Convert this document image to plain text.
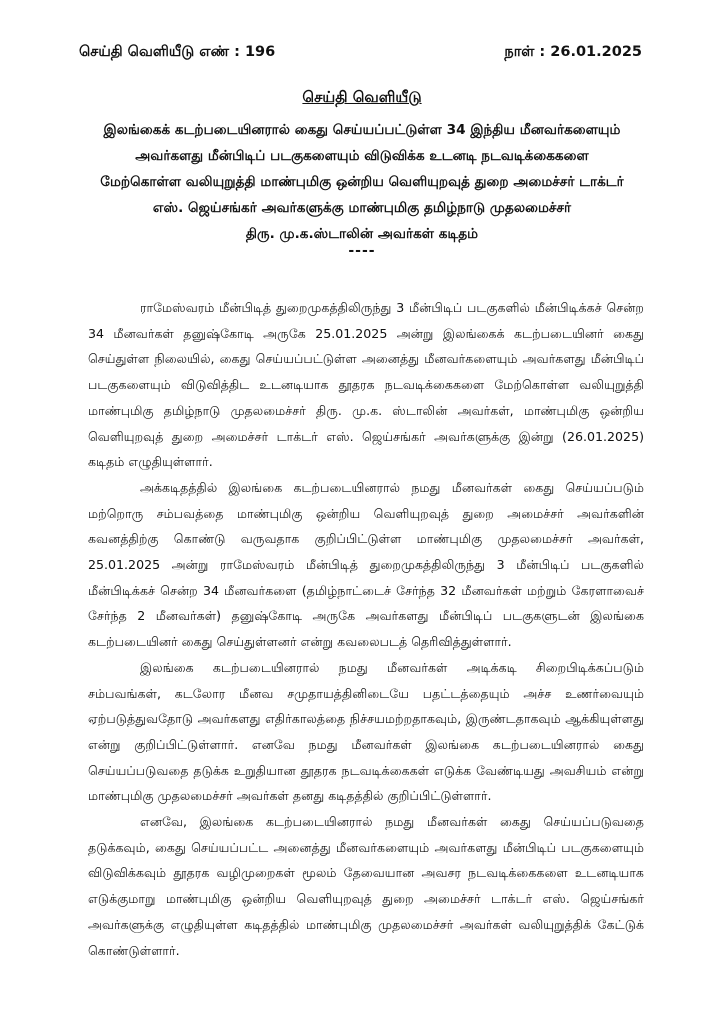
செய்தி வெளியீடு எண் : 196	நாள் : 26.01.2025
செய்தி வெளியீடு
இலங்கைக் கடற்படையினரால் கைது செய்யப்பட்டுள்ள 34 இந்திய மீனவர்களையும்
அவர்களது மீன்பிடிப் படகுகளையும் விடுவிக்க உடனடி நடவடிக்கைகளை
மேற்கொள்ள வலியுறுத்தி மாண்புமிகு ஒன்றிய வெளியுறவுத் துறை அமைச்சர் டாக்டர்
எஸ். ஜெய்சங்கர் அவர்களுக்கு மாண்புமிகு தமிழ்நாடு முதலமைச்சர்
திரு. மு.க.ஸ்டாலின் அவர்கள் கடிதம்
----

ராமேஸ்வரம் மீன்பிடித் துறைமுகத்திலிருந்து 3 மீன்பிடிப் படகுகளில் மீன்பிடிக்கச் சென்ற 34 மீனவர்கள் தனுஷ்கோடி அருகே 25.01.2025 அன்று இலங்கைக் கடற்படையினர் கைது செய்துள்ள நிலையில், கைது செய்யப்பட்டுள்ள அனைத்து மீனவர்களையும் அவர்களது மீன்பிடிப் படகுகளையும் விடுவித்திட உடனடியாக தூதரக நடவடிக்கைகளை மேற்கொள்ள வலியுறுத்தி மாண்புமிகு தமிழ்நாடு முதலமைச்சர் திரு. மு.க. ஸ்டாலின் அவர்கள், மாண்புமிகு ஒன்றிய வெளியுறவுத் துறை அமைச்சர் டாக்டர் எஸ். ஜெய்சங்கர் அவர்களுக்கு இன்று (26.01.2025) கடிதம் எழுதியுள்ளார்.

அக்கடிதத்தில் இலங்கை கடற்படையினரால் நமது மீனவர்கள் கைது செய்யப்படும் மற்றொரு சம்பவத்தை மாண்புமிகு ஒன்றிய வெளியுறவுத் துறை அமைச்சர் அவர்களின் கவனத்திற்கு கொண்டு வருவதாக குறிப்பிட்டுள்ள மாண்புமிகு முதலமைச்சர் அவர்கள், 25.01.2025 அன்று ராமேஸ்வரம் மீன்பிடித் துறைமுகத்திலிருந்து 3 மீன்பிடிப் படகுகளில் மீன்பிடிக்கச் சென்ற 34 மீனவர்களை (தமிழ்நாட்டைச் சேர்ந்த 32 மீனவர்கள் மற்றும் கேரளாவைச் சேர்ந்த 2 மீனவர்கள்) தனுஷ்கோடி அருகே அவர்களது மீன்பிடிப் படகுகளுடன் இலங்கை கடற்படையினர் கைது செய்துள்ளனர் என்று கவலைபடத் தெரிவித்துள்ளார்.

இலங்கை கடற்படையினரால் நமது மீனவர்கள் அடிக்கடி சிறைபிடிக்கப்படும் சம்பவங்கள், கடலோர மீனவ சமுதாயத்தினிடையே பதட்டத்தையும் அச்ச உணர்வையும் ஏற்படுத்துவதோடு அவர்களது எதிர்காலத்தை நிச்சயமற்றதாகவும், இருண்டதாகவும் ஆக்கியுள்ளது என்று குறிப்பிட்டுள்ளார். எனவே நமது மீனவர்கள் இலங்கை கடற்படையினரால் கைது செய்யப்படுவதை தடுக்க உறுதியான தூதரக நடவடிக்கைகள் எடுக்க வேண்டியது அவசியம் என்று மாண்புமிகு முதலமைச்சர் அவர்கள் தனது கடிதத்தில் குறிப்பிட்டுள்ளார்.

எனவே, இலங்கை கடற்படையினரால் நமது மீனவர்கள் கைது செய்யப்படுவதை தடுக்கவும், கைது செய்யப்பட்ட அனைத்து மீனவர்களையும் அவர்களது மீன்பிடிப் படகுகளையும் விடுவிக்கவும் தூதரக வழிமுறைகள் மூலம் தேவையான அவசர நடவடிக்கைகளை உடனடியாக எடுக்குமாறு மாண்புமிகு ஒன்றிய வெளியுறவுத் துறை அமைச்சர் டாக்டர் எஸ். ஜெய்சங்கர் அவர்களுக்கு எழுதியுள்ள கடிதத்தில் மாண்புமிகு முதலமைச்சர் அவர்கள் வலியுறுத்திக் கேட்டுக் கொண்டுள்ளார்.
